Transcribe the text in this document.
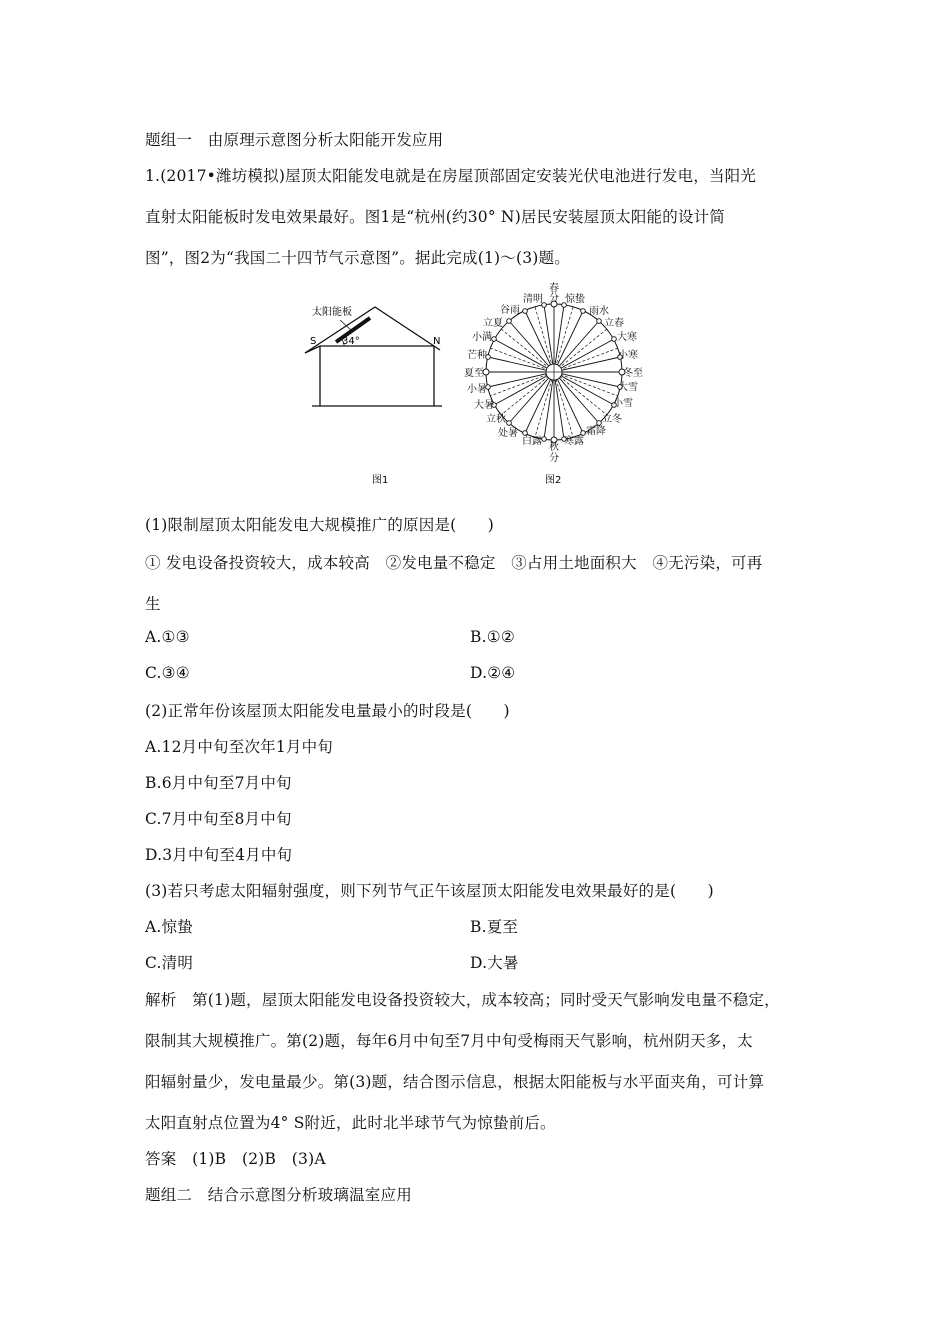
题组一　由原理示意图分析太阳能开发应用
1.(2017•潍坊模拟)屋顶太阳能发电就是在房屋顶部固定安装光伏电池进行发电，当阳光
直射太阳能板时发电效果最好。图1是“杭州(约30° N)居民安装屋顶太阳能的设计简
图”，图2为“我国二十四节气示意图”。据此完成(1)～(3)题。
太阳能板
S	N
34°
图1
春
分
清明 惊蛰
谷雨	雨水
立夏	立春
小满	大寒
芒种	小寒
夏至	冬至
小暑	大雪
大暑	小雪
立秋	立冬
处暑	霜降
白露 寒露
秋
分
图2
(1)限制屋顶太阳能发电大规模推广的原因是(　　)
① 发电设备投资较大，成本较高　②发电量不稳定　③占用土地面积大　④无污染，可再
生
A.①③	B.①②
C.③④	D.②④
(2)正常年份该屋顶太阳能发电量最小的时段是(　　)
A.12月中旬至次年1月中旬
B.6月中旬至7月中旬
C.7月中旬至8月中旬
D.3月中旬至4月中旬
(3)若只考虑太阳辐射强度，则下列节气正午该屋顶太阳能发电效果最好的是(　　)
A.惊蛰	B.夏至
C.清明	D.大暑
解析　第(1)题，屋顶太阳能发电设备投资较大，成本较高；同时受天气影响发电量不稳定，
限制其大规模推广。第(2)题，每年6月中旬至7月中旬受梅雨天气影响，杭州阴天多，太
阳辐射量少，发电量最少。第(3)题，结合图示信息，根据太阳能板与水平面夹角，可计算
太阳直射点位置为4° S附近，此时北半球节气为惊蛰前后。
答案　(1)B　(2)B　(3)A
题组二　结合示意图分析玻璃温室应用
